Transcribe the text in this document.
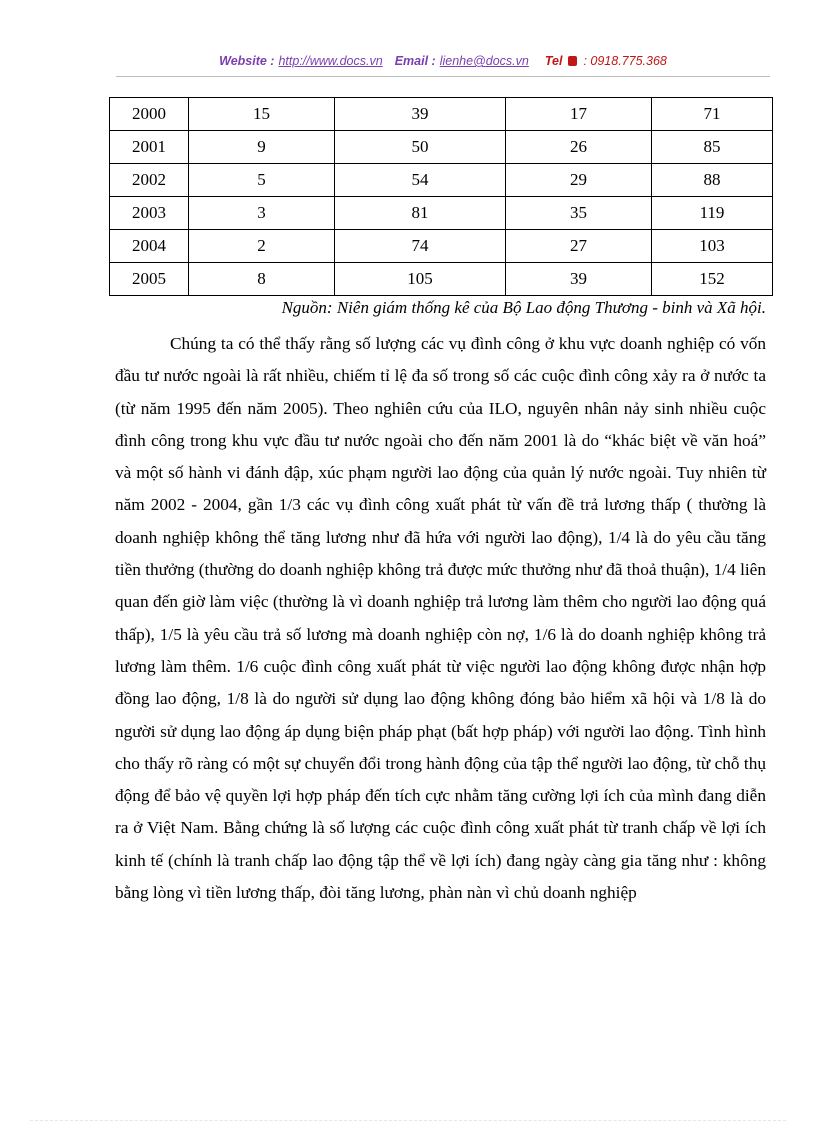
Website : http://www.docs.vn Email : lienhe@docs.vn Tel : 0918.775.368
2000	15	39	17	71
2001	9	50	26	85
2002	5	54	29	88
2003	3	81	35	119
2004	2	74	27	103
2005	8	105	39	152
Nguồn: Niên giám thống kê của Bộ Lao động Thương - binh và Xã hội.

Chúng ta có thể thấy rằng số lượng các vụ đình công ở khu vực doanh nghiệp có vốn đầu tư nước ngoài là rất nhiều, chiếm tỉ lệ đa số trong số các cuộc đình công xảy ra ở nước ta (từ năm 1995 đến năm 2005). Theo nghiên cứu của ILO, nguyên nhân nảy sinh nhiều cuộc đình công trong khu vực đầu tư nước ngoài cho đến năm 2001 là do “khác biệt về văn hoá” và một số hành vi đánh đập, xúc phạm người lao động của quản lý nước ngoài. Tuy nhiên từ năm 2002 - 2004, gần 1/3 các vụ đình công xuất phát từ vấn đề trả lương thấp ( thường là doanh nghiệp không thể tăng lương như đã hứa với người lao động), 1/4 là do yêu cầu tăng tiền thưởng (thường do doanh nghiệp không trả được mức thưởng như đã thoả thuận), 1/4 liên quan đến giờ làm việc (thường là vì doanh nghiệp trả lương làm thêm cho người lao động quá thấp), 1/5 là yêu cầu trả số lương mà doanh nghiệp còn nợ, 1/6 là do doanh nghiệp không trả lương làm thêm. 1/6 cuộc đình công xuất phát từ việc người lao động không được nhận hợp đồng lao động, 1/8 là do người sử dụng lao động không đóng bảo hiểm xã hội và 1/8 là do người sử dụng lao động áp dụng biện pháp phạt (bất hợp pháp) với người lao động. Tình hình cho thấy rõ ràng có một sự chuyển đổi trong hành động của tập thể người lao động, từ chỗ thụ động để bảo vệ quyền lợi hợp pháp đến tích cực nhằm tăng cường lợi ích của mình đang diễn ra ở Việt Nam. Bằng chứng là số lượng các cuộc đình công xuất phát từ tranh chấp về lợi ích kinh tế (chính là tranh chấp lao động tập thể về lợi ích) đang ngày càng gia tăng như : không bằng lòng vì tiền lương thấp, đòi tăng lương, phàn nàn vì chủ doanh nghiệp
